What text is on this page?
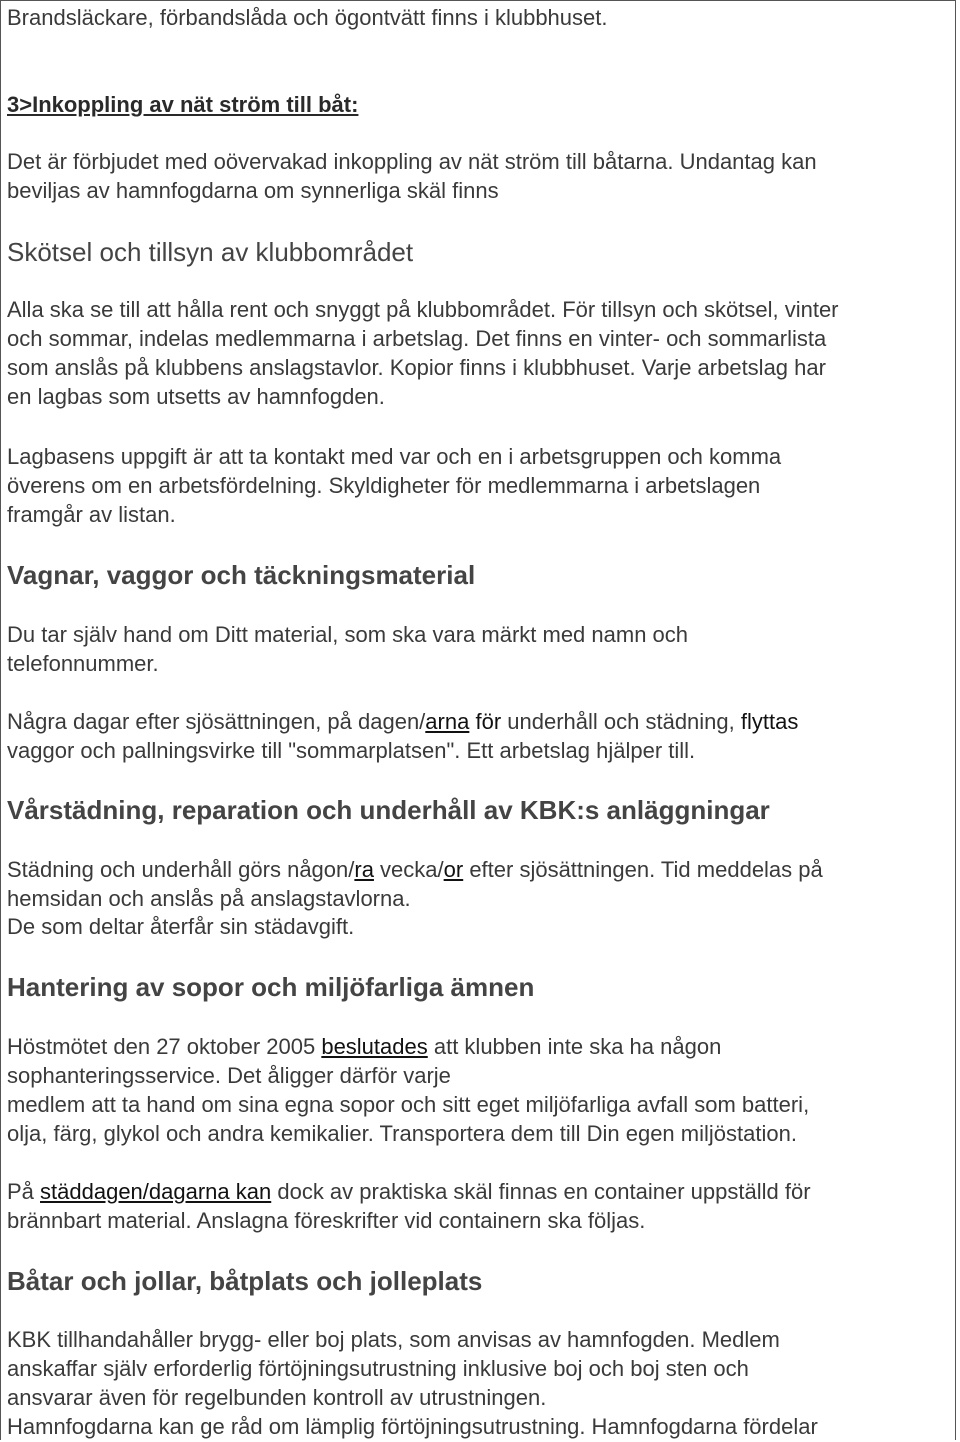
Brandsläckare, förbandslåda och ögontvätt finns i klubbhuset.
3>Inkoppling av nät ström till båt:
Det är förbjudet med oövervakad inkoppling av nät ström till båtarna. Undantag kan
beviljas av hamnfogdarna om synnerliga skäl finns
Skötsel och tillsyn av klubbområdet
Alla ska se till att hålla rent och snyggt på klubbområdet. För tillsyn och skötsel, vinter
och sommar, indelas medlemmarna i arbetslag. Det finns en vinter- och sommarlista
som anslås på klubbens anslagstavlor. Kopior finns i klubbhuset. Varje arbetslag har
en lagbas som utsetts av hamnfogden.
Lagbasens uppgift är att ta kontakt med var och en i arbetsgruppen och komma
överens om en arbetsfördelning. Skyldigheter för medlemmarna i arbetslagen
framgår av listan.
Vagnar, vaggor och täckningsmaterial
Du tar själv hand om Ditt material, som ska vara märkt med namn och
telefonnummer.
Några dagar efter sjösättningen, på dagen/arna för underhåll och städning, flyttas
vaggor och pallningsvirke till "sommarplatsen". Ett arbetslag hjälper till.
Vårstädning, reparation och underhåll av KBK:s anläggningar
Städning och underhåll görs någon/ra vecka/or efter sjösättningen. Tid meddelas på
hemsidan och anslås på anslagstavlorna.
De som deltar återfår sin städavgift.
Hantering av sopor och miljöfarliga ämnen
Höstmötet den 27 oktober 2005 beslutades att klubben inte ska ha någon
sophanteringsservice. Det åligger därför varje
medlem att ta hand om sina egna sopor och sitt eget miljöfarliga avfall som batteri,
olja, färg, glykol och andra kemikalier. Transportera dem till Din egen miljöstation.
På städdagen/dagarna kan dock av praktiska skäl finnas en container uppställd för
brännbart material. Anslagna föreskrifter vid containern ska följas.
Båtar och jollar, båtplats och jolleplats
KBK tillhandahåller brygg- eller boj plats, som anvisas av hamnfogden. Medlem
anskaffar själv erforderlig förtöjningsutrustning inklusive boj och boj sten och
ansvarar även för regelbunden kontroll av utrustningen.
Hamnfogdarna kan ge råd om lämplig förtöjningsutrustning. Hamnfogdarna fördelar
